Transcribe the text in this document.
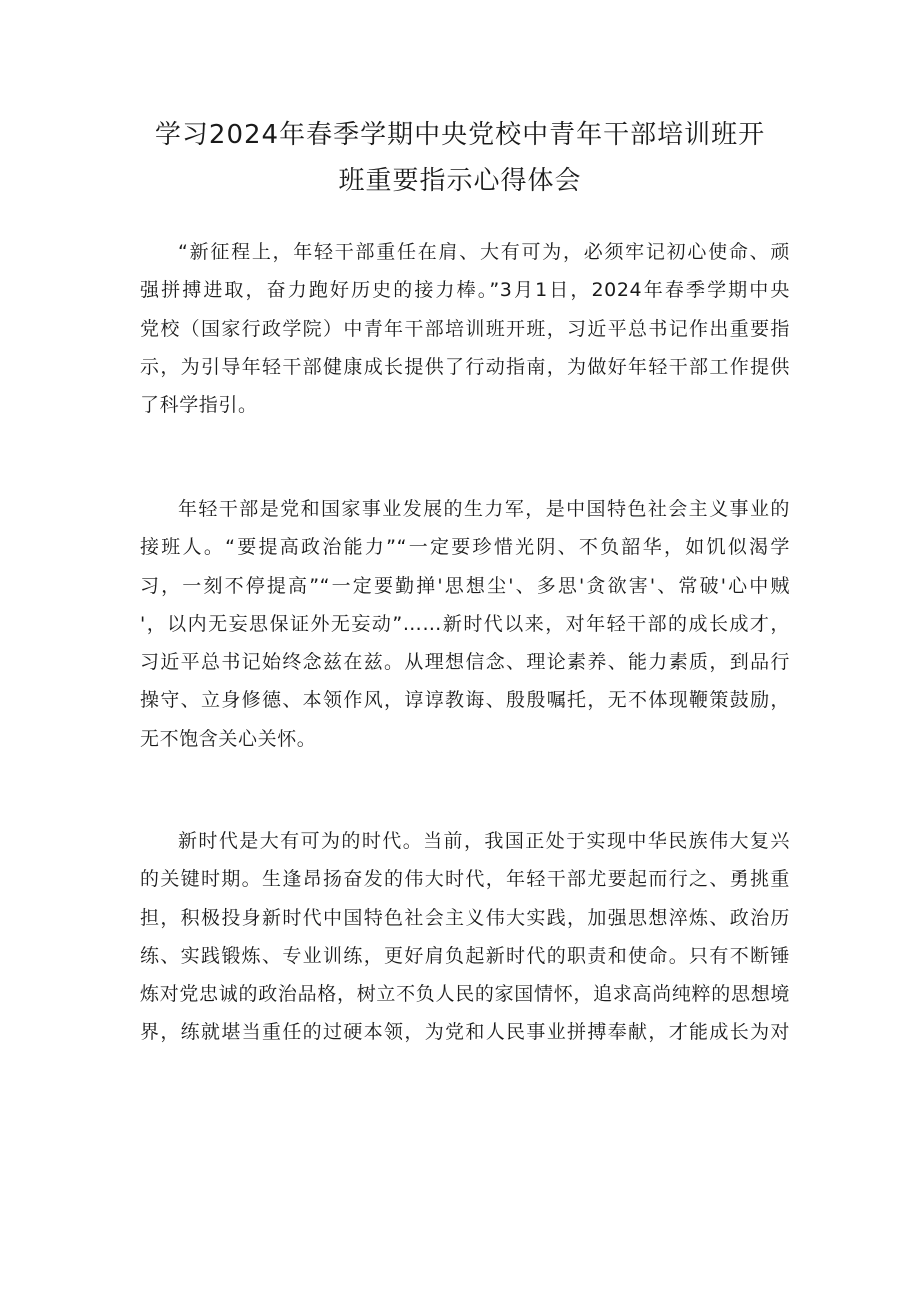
学习2024年春季学期中央党校中青年干部培训班开
班重要指示心得体会
“新征程上，年轻干部重任在肩、大有可为，必须牢记初心使命、顽
强拼搏进取，奋力跑好历史的接力棒。”3月1日，2024年春季学期中央
党校（国家行政学院）中青年干部培训班开班，习近平总书记作出重要指
示，为引导年轻干部健康成长提供了行动指南，为做好年轻干部工作提供
了科学指引。
年轻干部是党和国家事业发展的生力军，是中国特色社会主义事业的
接班人。“要提高政治能力”“一定要珍惜光阴、不负韶华，如饥似渴学
习，一刻不停提高”“一定要勤掸'思想尘'、多思'贪欲害'、常破'心中贼
'，以内无妄思保证外无妄动”……新时代以来，对年轻干部的成长成才，
习近平总书记始终念兹在兹。从理想信念、理论素养、能力素质，到品行
操守、立身修德、本领作风，谆谆教诲、殷殷嘱托，无不体现鞭策鼓励，
无不饱含关心关怀。
新时代是大有可为的时代。当前，我国正处于实现中华民族伟大复兴
的关键时期。生逢昂扬奋发的伟大时代，年轻干部尤要起而行之、勇挑重
担，积极投身新时代中国特色社会主义伟大实践，加强思想淬炼、政治历
练、实践锻炼、专业训练，更好肩负起新时代的职责和使命。只有不断锤
炼对党忠诚的政治品格，树立不负人民的家国情怀，追求高尚纯粹的思想境
界，练就堪当重任的过硬本领，为党和人民事业拼搏奉献，才能成长为对
